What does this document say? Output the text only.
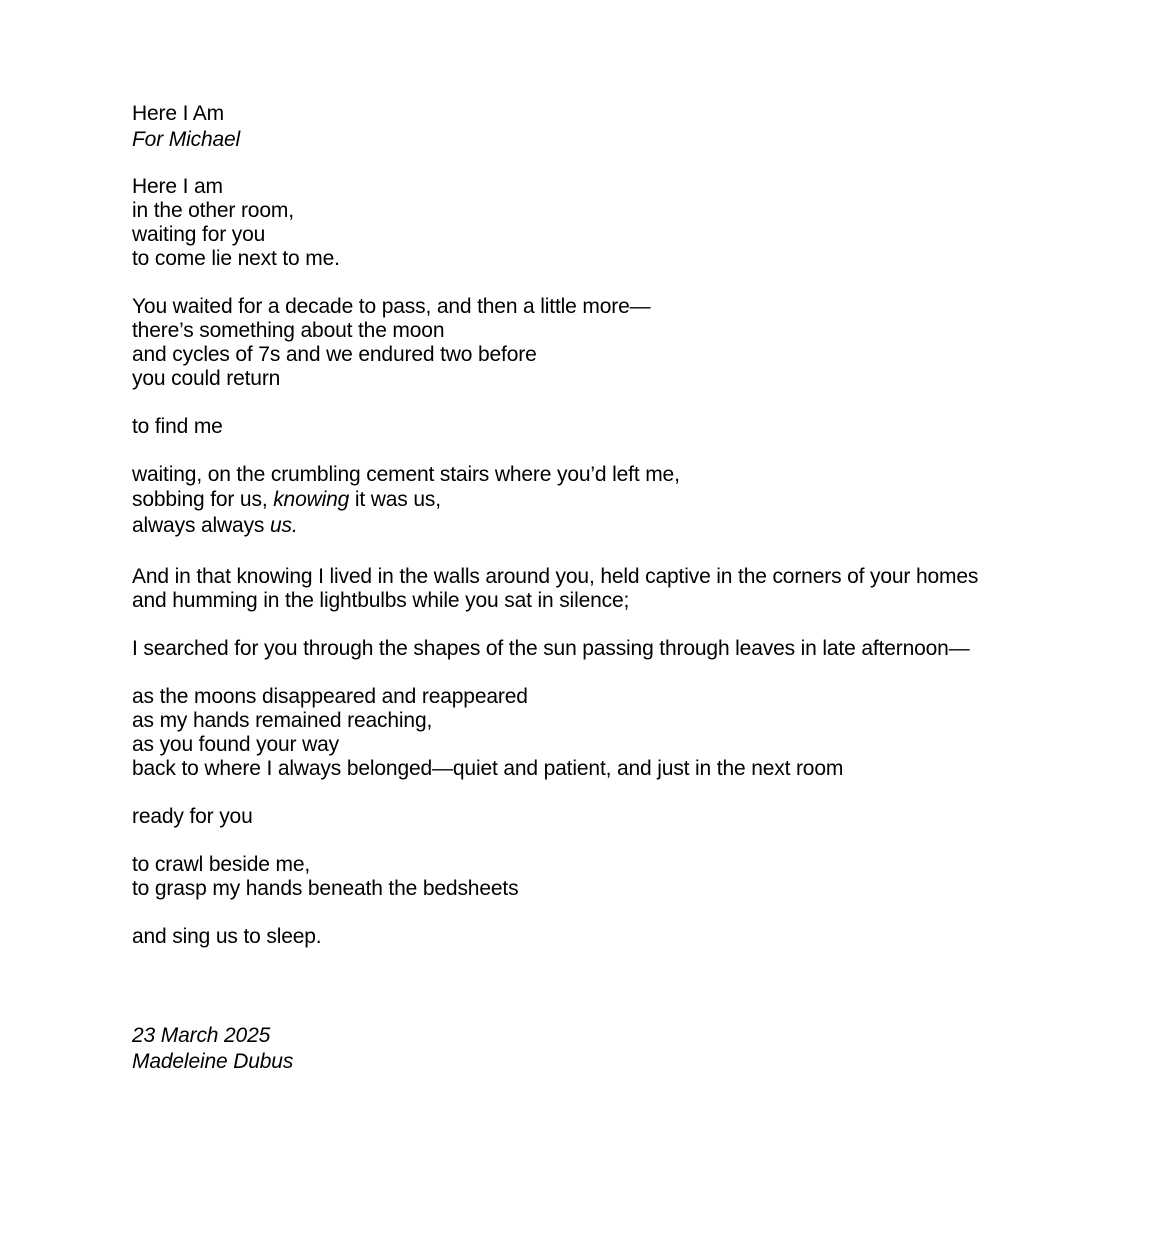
Here I Am
For Michael
Here I am
in the other room,
waiting for you
to come lie next to me.
You waited for a decade to pass, and then a little more—
there’s something about the moon
and cycles of 7s and we endured two before
you could return
to find me
waiting, on the crumbling cement stairs where you’d left me,
sobbing for us, knowing it was us,
always always us.
And in that knowing I lived in the walls around you, held captive in the corners of your homes
and humming in the lightbulbs while you sat in silence;
I searched for you through the shapes of the sun passing through leaves in late afternoon—
as the moons disappeared and reappeared
as my hands remained reaching,
as you found your way
back to where I always belonged—quiet and patient, and just in the next room
ready for you
to crawl beside me,
to grasp my hands beneath the bedsheets
and sing us to sleep.
23 March 2025
Madeleine Dubus
